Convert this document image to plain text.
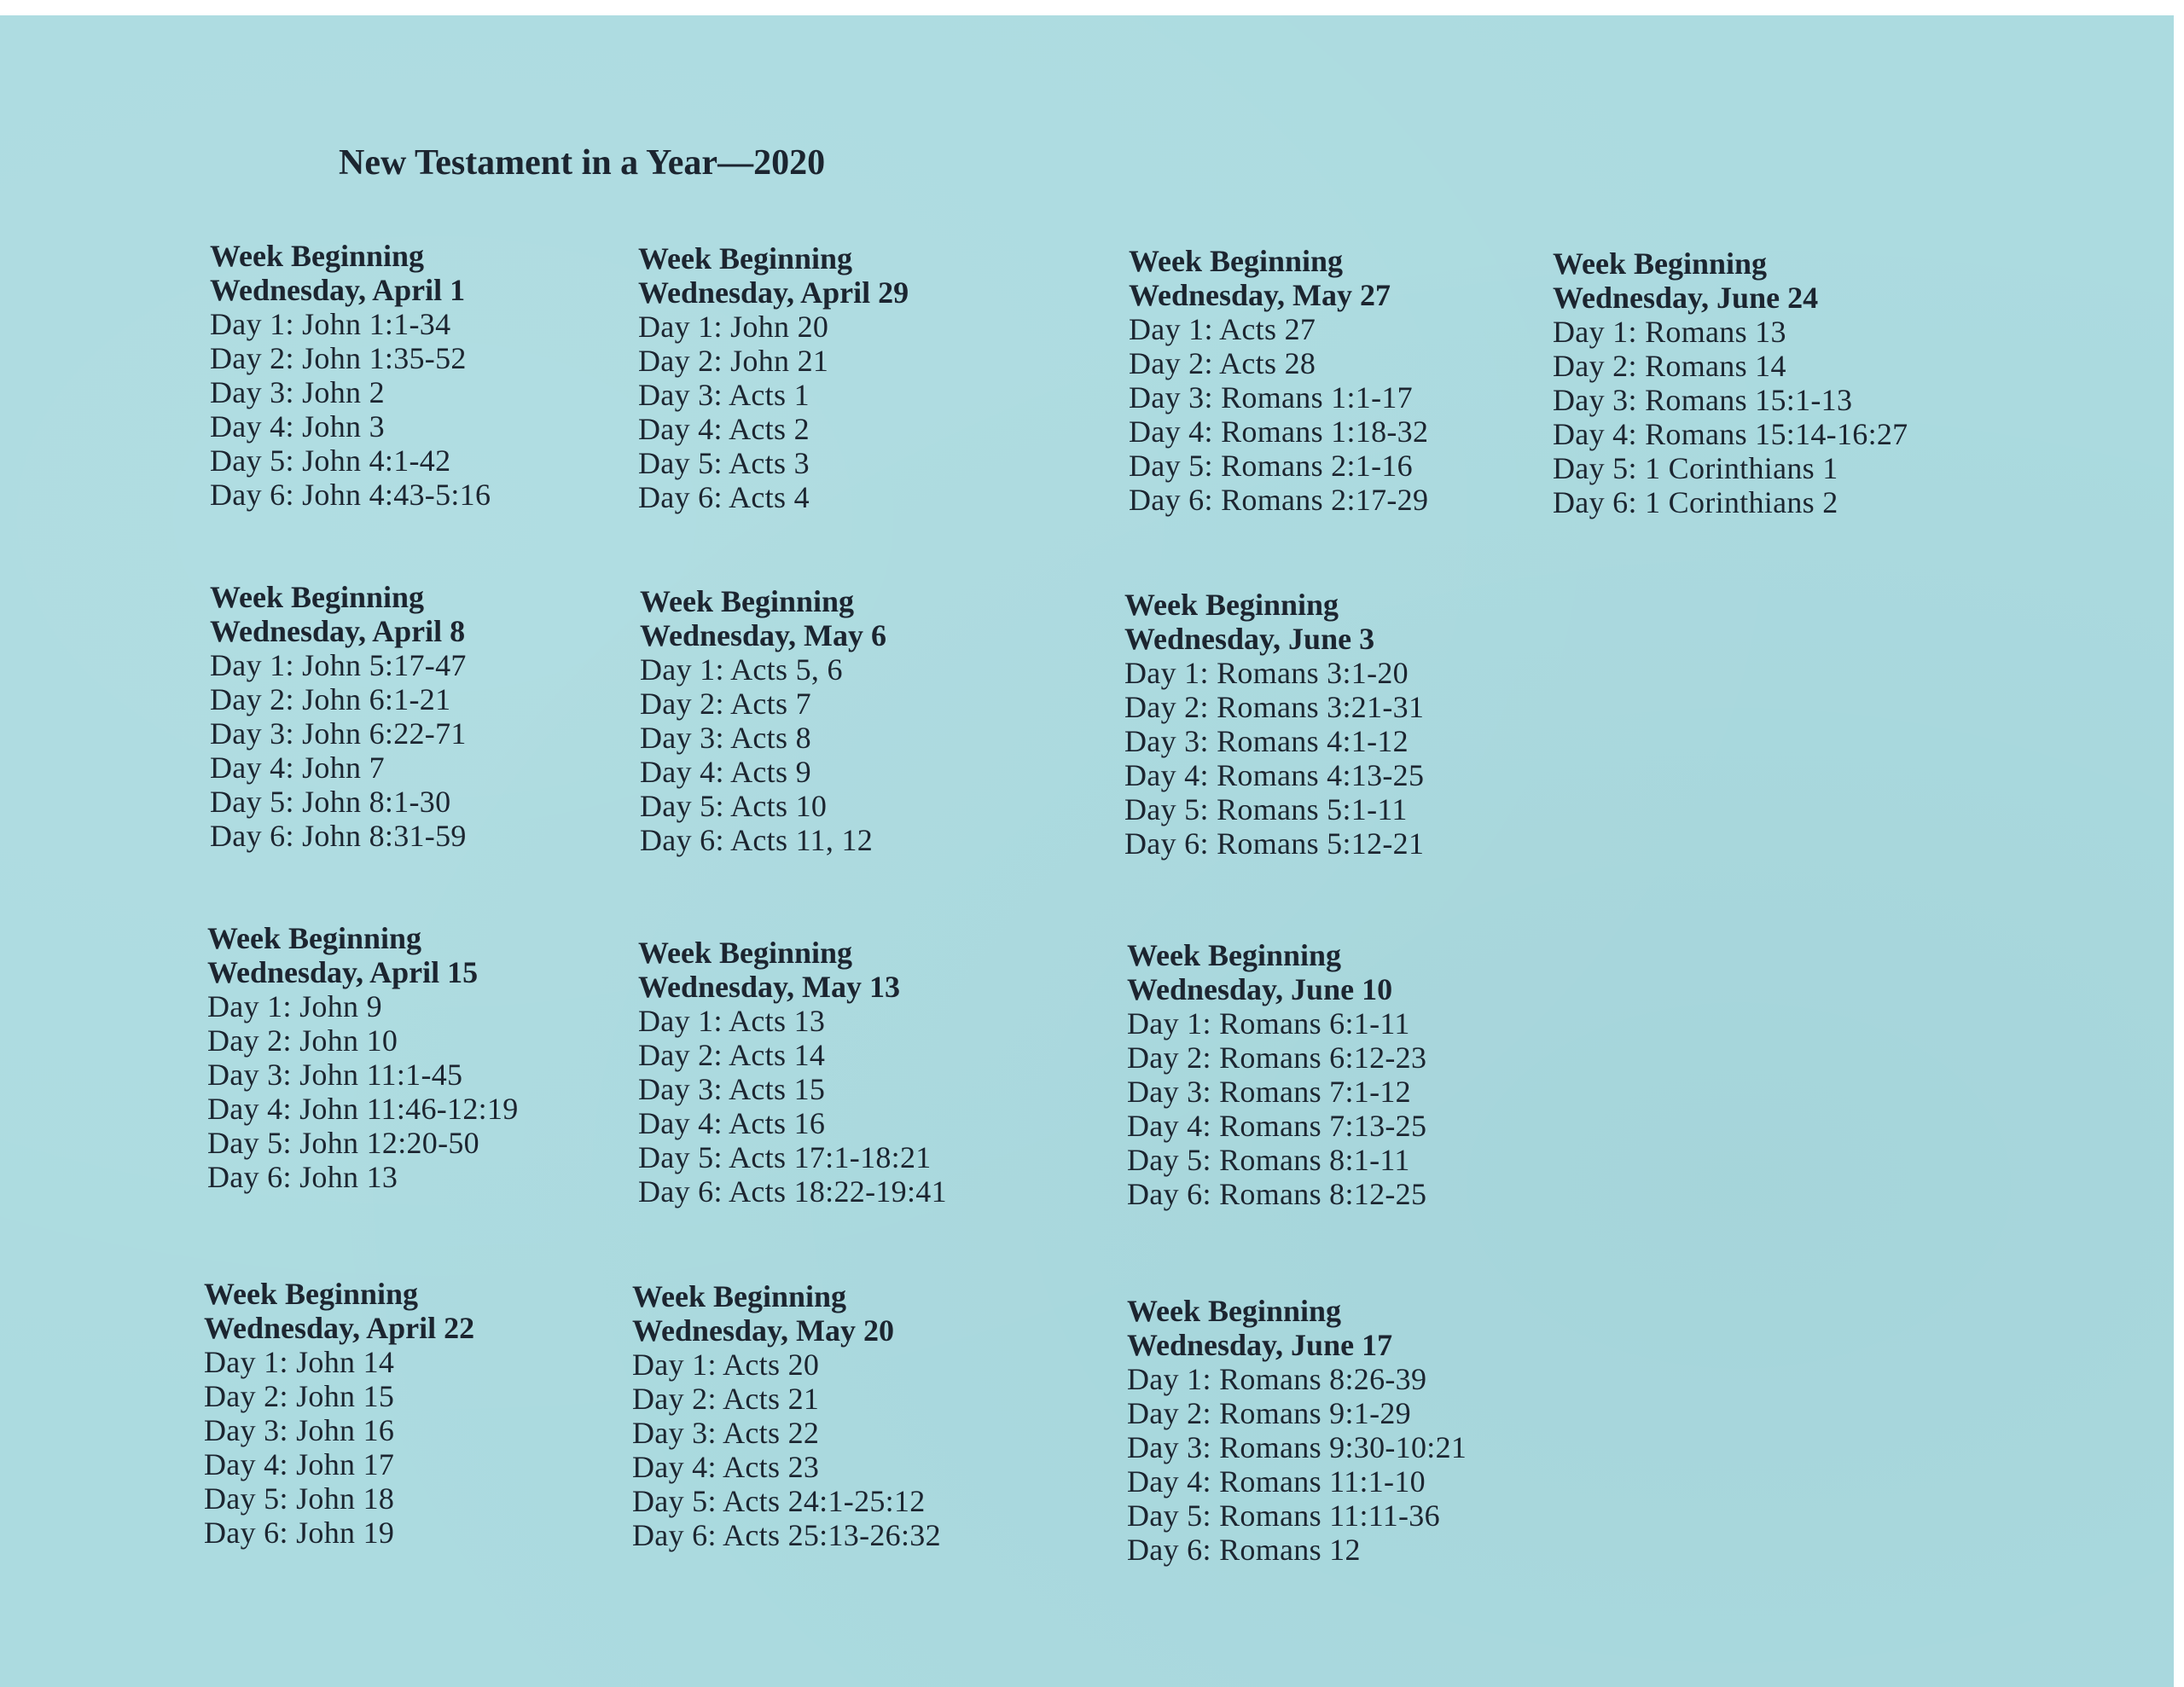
New Testament in a Year—2020
Week Beginning
Wednesday, April 1
Day 1: John 1:1-34
Day 2: John 1:35-52
Day 3: John 2
Day 4: John 3
Day 5: John 4:1-42
Day 6: John 4:43-5:16
Week Beginning
Wednesday, April 8
Day 1: John 5:17-47
Day 2: John 6:1-21
Day 3: John 6:22-71
Day 4: John 7
Day 5: John 8:1-30
Day 6: John 8:31-59
Week Beginning
Wednesday, April 15
Day 1: John 9
Day 2: John 10
Day 3: John 11:1-45
Day 4: John 11:46-12:19
Day 5: John 12:20-50
Day 6: John 13
Week Beginning
Wednesday, April 22
Day 1: John 14
Day 2: John 15
Day 3: John 16
Day 4: John 17
Day 5: John 18
Day 6: John 19
Week Beginning
Wednesday, April 29
Day 1: John 20
Day 2: John 21
Day 3: Acts 1
Day 4: Acts 2
Day 5: Acts 3
Day 6: Acts 4
Week Beginning
Wednesday, May 6
Day 1: Acts 5, 6
Day 2: Acts 7
Day 3: Acts 8
Day 4: Acts 9
Day 5: Acts 10
Day 6: Acts 11, 12
Week Beginning
Wednesday, May 13
Day 1: Acts 13
Day 2: Acts 14
Day 3: Acts 15
Day 4: Acts 16
Day 5: Acts 17:1-18:21
Day 6: Acts 18:22-19:41
Week Beginning
Wednesday, May 20
Day 1: Acts 20
Day 2: Acts 21
Day 3: Acts 22
Day 4: Acts 23
Day 5: Acts 24:1-25:12
Day 6: Acts 25:13-26:32
Week Beginning
Wednesday, May 27
Day 1: Acts 27
Day 2: Acts 28
Day 3: Romans 1:1-17
Day 4: Romans 1:18-32
Day 5: Romans 2:1-16
Day 6: Romans 2:17-29
Week Beginning
Wednesday, June 3
Day 1: Romans 3:1-20
Day 2: Romans 3:21-31
Day 3: Romans 4:1-12
Day 4: Romans 4:13-25
Day 5: Romans 5:1-11
Day 6: Romans 5:12-21
Week Beginning
Wednesday, June 10
Day 1: Romans 6:1-11
Day 2: Romans 6:12-23
Day 3: Romans 7:1-12
Day 4: Romans 7:13-25
Day 5: Romans 8:1-11
Day 6: Romans 8:12-25
Week Beginning
Wednesday, June 17
Day 1: Romans 8:26-39
Day 2: Romans 9:1-29
Day 3: Romans 9:30-10:21
Day 4: Romans 11:1-10
Day 5: Romans 11:11-36
Day 6: Romans 12
Week Beginning
Wednesday, June 24
Day 1: Romans 13
Day 2: Romans 14
Day 3: Romans 15:1-13
Day 4: Romans 15:14-16:27
Day 5: 1 Corinthians 1
Day 6: 1 Corinthians 2
